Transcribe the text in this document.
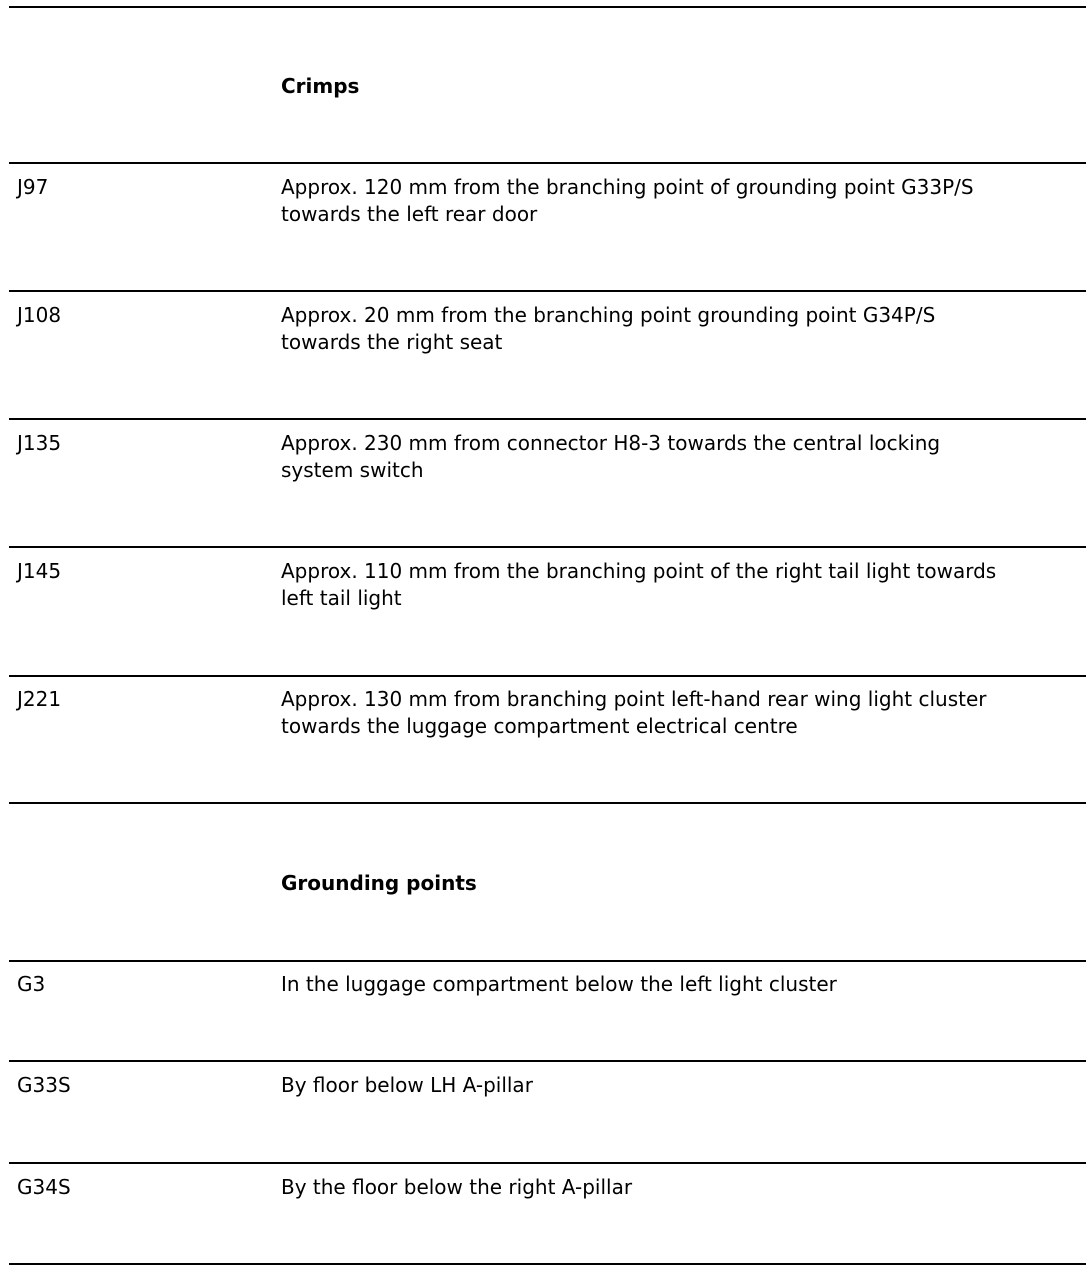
Crimps
J97	Approx. 120 mm from the branching point of grounding point G33P/S
towards the left rear door
J108	Approx. 20 mm from the branching point grounding point G34P/S
towards the right seat
J135	Approx. 230 mm from connector H8-3 towards the central locking
system switch
J145	Approx. 110 mm from the branching point of the right tail light towards
left tail light
J221	Approx. 130 mm from branching point left-hand rear wing light cluster
towards the luggage compartment electrical centre
Grounding points
G3	In the luggage compartment below the left light cluster
G33S	By floor below LH A-pillar
G34S	By the floor below the right A-pillar
